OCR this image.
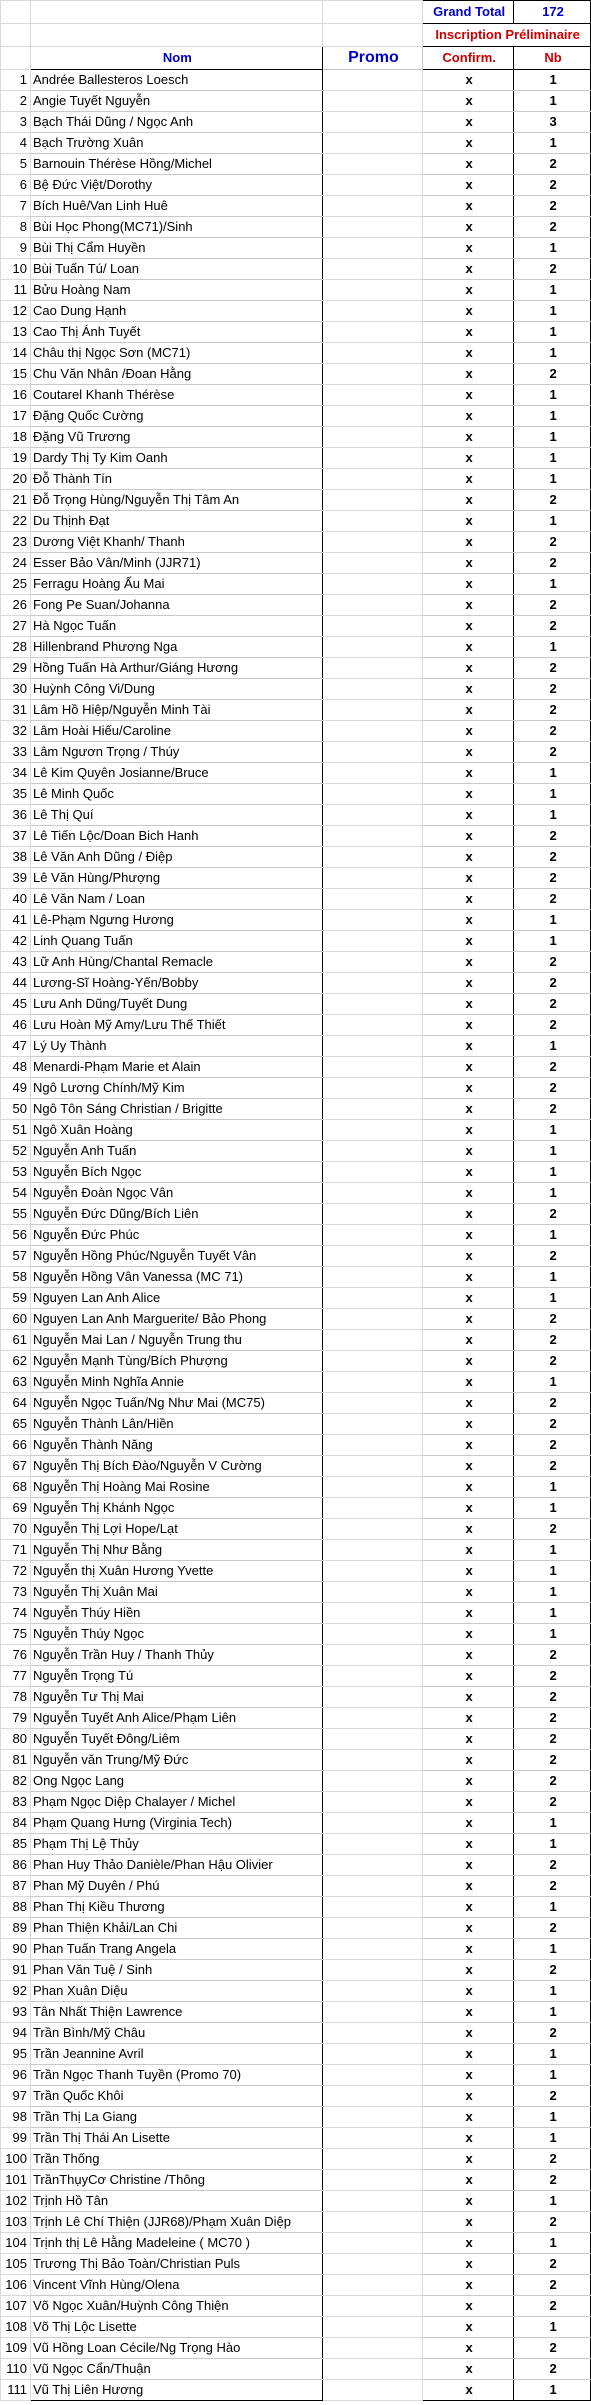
			Grand Total	172
			Inscription Préliminaire	
	Nom	Promo	Confirm.	Nb
1	Andrée Ballesteros Loesch		x	1
2	Angie Tuyết Nguyễn		x	1
3	Bạch Thái Dũng / Ngọc Anh		x	3
4	Bạch Trường Xuân		x	1
5	Barnouin Thérèse Hồng/Michel		x	2
6	Bệ Đức Việt/Dorothy		x	2
7	Bích Huê/Van Linh Huê		x	2
8	Bùi Học Phong(MC71)/Sinh		x	2
9	Bùi Thị Cẩm Huyền		x	1
10	Bùi Tuấn Tú/ Loan		x	2
11	Bửu Hoàng Nam		x	1
12	Cao Dung Hạnh		x	1
13	Cao Thị Ánh Tuyết		x	1
14	Châu thị Ngọc Sơn (MC71)		x	1
15	Chu Văn Nhân /Đoan Hằng		x	2
16	Coutarel Khanh Thérèse		x	1
17	Đặng Quốc Cường		x	1
18	Đặng Vũ Trương		x	1
19	Dardy Thị Ty Kim Oanh		x	1
20	Đỗ Thành Tín		x	1
21	Đỗ Trọng Hùng/Nguyễn Thị Tâm An		x	2
22	Du Thịnh Đạt		x	1
23	Dương Việt Khanh/ Thanh		x	2
24	Esser Bảo Vân/Minh (JJR71)		x	2
25	Ferragu Hoàng Ấu Mai		x	1
26	Fong Pe Suan/Johanna		x	2
27	Hà Ngọc Tuấn		x	2
28	Hillenbrand Phương Nga		x	1
29	Hồng Tuấn Hà Arthur/Giáng Hương		x	2
30	Huỳnh Công Vi/Dung		x	2
31	Lâm Hồ Hiệp/Nguyễn Minh Tài		x	2
32	Lâm Hoài Hiếu/Caroline		x	2
33	Lâm Ngươn Trọng / Thúy		x	2
34	Lê Kim Quyên Josianne/Bruce		x	1
35	Lê Minh Quốc		x	1
36	Lê Thị Quí		x	1
37	Lê Tiến Lộc/Doan Bich Hanh		x	2
38	Lê Văn Anh Dũng / Điệp		x	2
39	Lê Văn Hùng/Phượng		x	2
40	Lê Văn Nam / Loan		x	2
41	Lê-Phạm Ngưng Hương		x	1
42	Linh Quang Tuấn		x	1
43	Lữ Anh Hùng/Chantal Remacle		x	2
44	Lương-Sĩ Hoàng-Yến/Bobby		x	2
45	Lưu Anh Dũng/Tuyết Dung		x	2
46	Lưu Hoàn Mỹ Amy/Lưu Thế Thiết		x	2
47	Lý Uy Thành		x	1
48	Menardi-Phạm Marie et Alain		x	2
49	Ngô Lương Chính/Mỹ Kim		x	2
50	Ngô Tôn Sáng Christian / Brigitte		x	2
51	Ngô Xuân Hoàng		x	1
52	Nguyễn Anh Tuấn		x	1
53	Nguyễn Bích Ngọc		x	1
54	Nguyễn Đoàn Ngọc Vân		x	1
55	Nguyễn Đức Dũng/Bích Liên		x	2
56	Nguyễn Đức Phúc		x	1
57	Nguyễn Hồng Phúc/Nguyễn Tuyết Vân		x	2
58	Nguyễn Hồng Vân Vanessa (MC 71)		x	1
59	Nguyen Lan Anh Alice		x	1
60	Nguyen Lan Anh Marguerite/ Bảo Phong		x	2
61	Nguyễn Mai Lan / Nguyễn Trung thu		x	2
62	Nguyễn Mạnh Tùng/Bích Phượng		x	2
63	Nguyễn Minh Nghĩa Annie		x	1
64	Nguyễn Ngọc Tuấn/Ng Như Mai (MC75)		x	2
65	Nguyễn Thành Lân/Hiền		x	2
66	Nguyễn Thành Năng		x	2
67	Nguyễn Thị Bích Đào/Nguyễn V Cường		x	2
68	Nguyễn Thị Hoàng Mai Rosine		x	1
69	Nguyễn Thị Khánh Ngọc		x	1
70	Nguyễn Thị Lợi Hope/Lạt		x	2
71	Nguyễn Thị Như Bằng		x	1
72	Nguyễn thị Xuân Hương Yvette		x	1
73	Nguyễn Thị Xuân Mai		x	1
74	Nguyễn Thúy Hiền		x	1
75	Nguyễn Thúy Ngọc		x	1
76	Nguyễn Trần Huy / Thanh Thủy		x	2
77	Nguyễn Trọng Tú		x	2
78	Nguyễn Tư Thị Mai		x	2
79	Nguyễn Tuyết Anh Alice/Phạm Liên		x	2
80	Nguyễn Tuyết Đông/Liêm		x	2
81	Nguyễn văn Trung/Mỹ Đức		x	2
82	Ong Ngọc Lang		x	2
83	Phạm Ngọc Diệp Chalayer / Michel		x	2
84	Phạm Quang Hưng (Virginia Tech)		x	1
85	Phạm Thị Lệ Thủy		x	1
86	Phan Huy Thảo Danièle/Phan Hậu Olivier		x	2
87	Phan Mỹ Duyên / Phú		x	2
88	Phan Thị Kiều Thương		x	1
89	Phan Thiện Khải/Lan Chi		x	2
90	Phan Tuấn Trang Angela		x	1
91	Phan Văn Tuệ / Sinh		x	2
92	Phan Xuân Diệu		x	1
93	Tân Nhất Thiện Lawrence		x	1
94	Trần Bình/Mỹ Châu		x	2
95	Trần Jeannine Avril		x	1
96	Trần Ngọc Thanh Tuyền (Promo 70)		x	1
97	Trần Quốc Khôi		x	2
98	Trần Thị La Giang		x	1
99	Trần Thị Thái An Lisette		x	1
100	Trần Thống		x	2
101	TrầnThụyCơ Christine /Thông		x	2
102	Trịnh Hồ Tân		x	1
103	Trịnh Lê Chí Thiện (JJR68)/Phạm Xuân Diệp		x	2
104	Trịnh thị Lê Hằng Madeleine ( MC70 )		x	1
105	Trương Thị Bảo Toàn/Christian Puls		x	2
106	Vincent Vĩnh Hùng/Olena		x	2
107	Võ Ngọc Xuân/Huỳnh Công Thiện		x	2
108	Võ Thị Lộc Lisette		x	1
109	Vũ Hồng Loan Cécile/Ng Trọng Hào		x	2
110	Vũ Ngọc Cẩn/Thuận		x	2
111	Vũ Thị Liên Hương		x	1
